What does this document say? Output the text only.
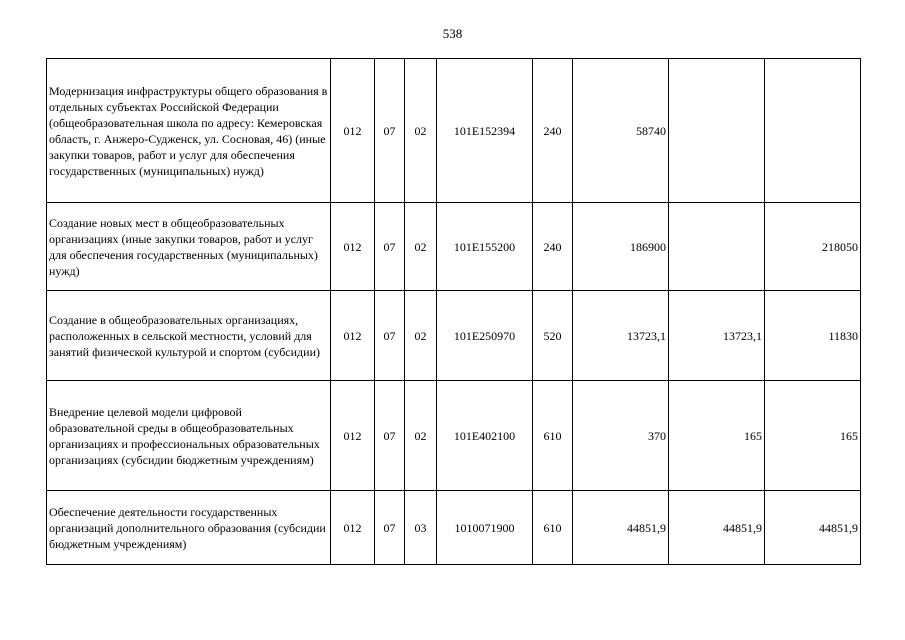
538
Модернизация инфраструктуры общего образования в отдельных субъектах Российской Федерации (общеобразовательная школа по адресу: Кемеровская область, г. Анжеро-Судженск, ул. Сосновая, 46) (иные закупки товаров, работ и услуг для обеспечения государственных (муниципальных) нужд)	012	07	02	101E152394	240	58740		
Создание новых мест в общеобразовательных организациях (иные закупки товаров, работ и услуг для обеспечения государственных (муниципальных) нужд)	012	07	02	101E155200	240	186900		218050
Создание в общеобразовательных организациях, расположенных в сельской местности, условий для занятий физической культурой и спортом (субсидии)	012	07	02	101E250970	520	13723,1	13723,1	11830
Внедрение целевой модели цифровой образовательной среды в общеобразовательных организациях и профессиональных образовательных организациях (субсидии бюджетным учреждениям)	012	07	02	101E402100	610	370	165	165
Обеспечение деятельности государственных организаций дополнительного образования (субсидии бюджетным учреждениям)	012	07	03	1010071900	610	44851,9	44851,9	44851,9
